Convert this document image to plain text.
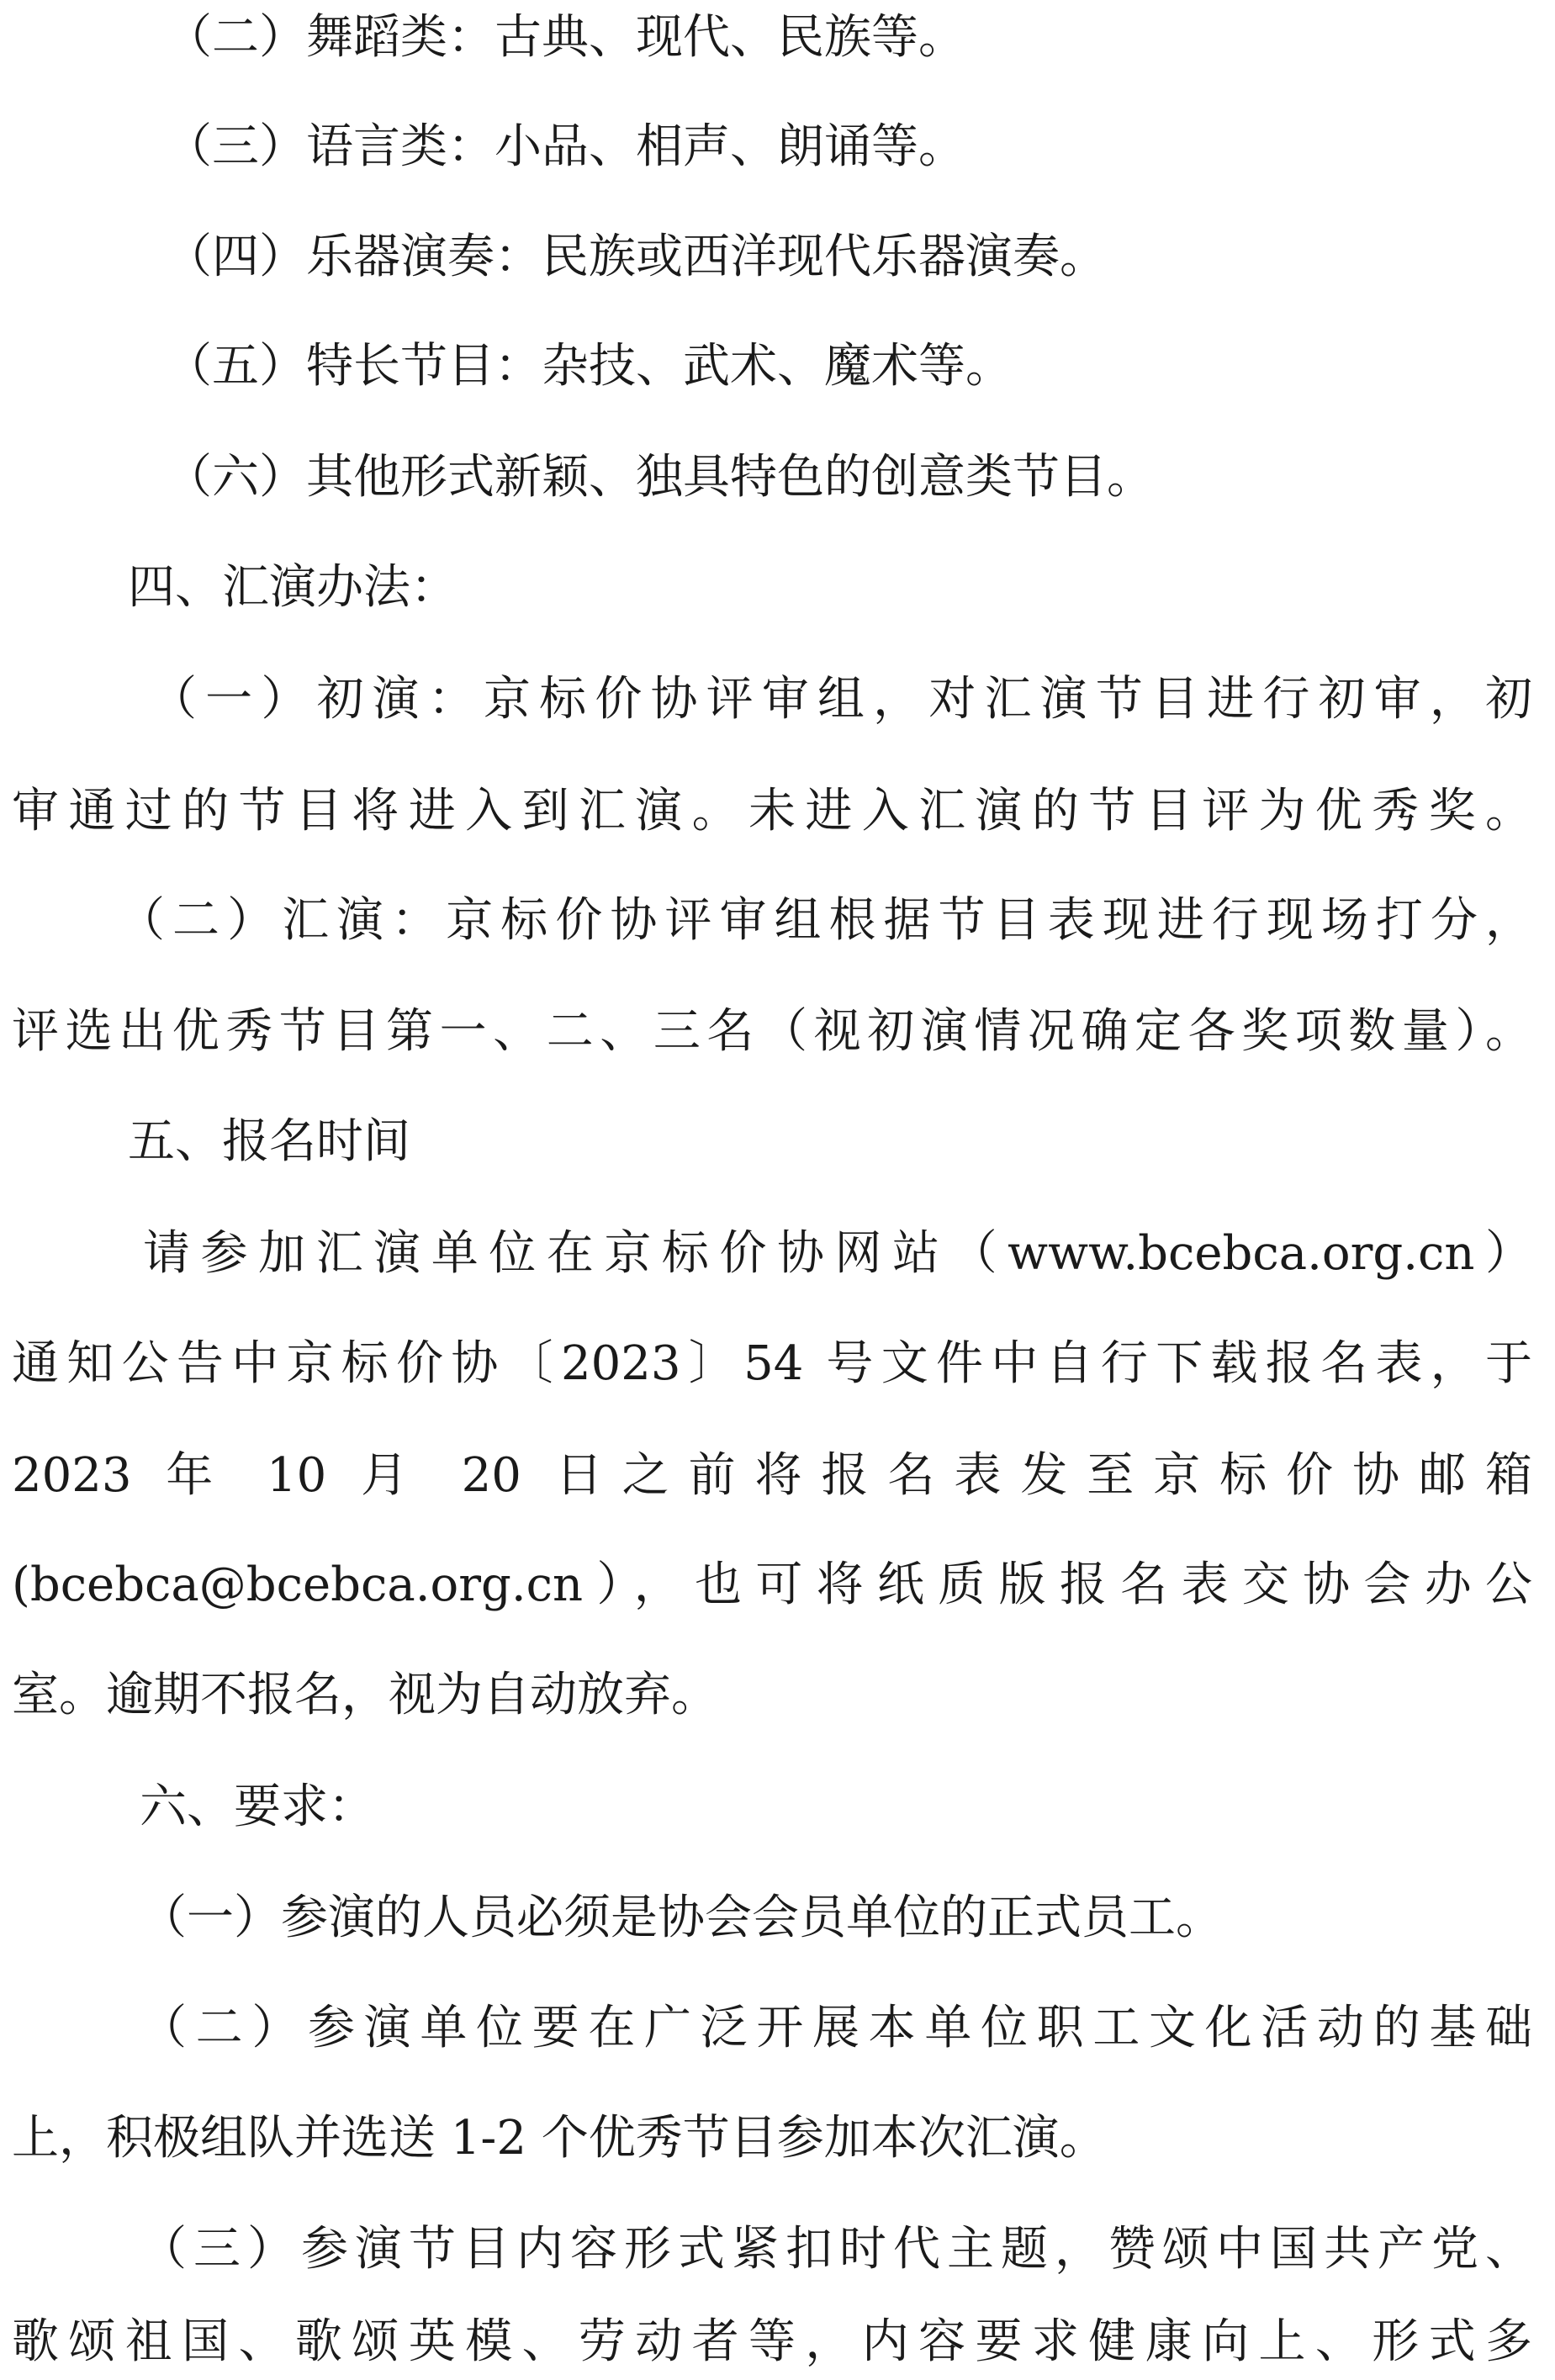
（二）舞蹈类：古典、现代、民族等。

（三）语言类：小品、相声、朗诵等。

（四）乐器演奏：民族或西洋现代乐器演奏。

（五）特长节目：杂技、武术、魔术等。

（六）其他形式新颖、独具特色的创意类节目。

四、汇演办法：

（一）初演：京标价协评审组，对汇演节目进行初审，初

审通过的节目将进入到汇演。未进入汇演的节目评为优秀奖。

（二）汇演：京标价协评审组根据节目表现进行现场打分，

评选出优秀节目第一、二、三名（视初演情况确定各奖项数量）。

五、报名时间

请参加汇演单位在京标价协网站（www.bcebca.org.cn）

通知公告中京标价协〔2023〕54 号文件中自行下载报名表，于

2023 年 10 月 20 日之前将报名表发至京标价协邮箱

(bcebca@bcebca.org.cn），也可将纸质版报名表交协会办公

室。逾期不报名，视为自动放弃。

六、要求：

（一）参演的人员必须是协会会员单位的正式员工。

（二）参演单位要在广泛开展本单位职工文化活动的基础

上，积极组队并选送 1-2 个优秀节目参加本次汇演。

（三）参演节目内容形式紧扣时代主题，赞颂中国共产党、

歌颂祖国、歌颂英模、劳动者等，内容要求健康向上、形式多
